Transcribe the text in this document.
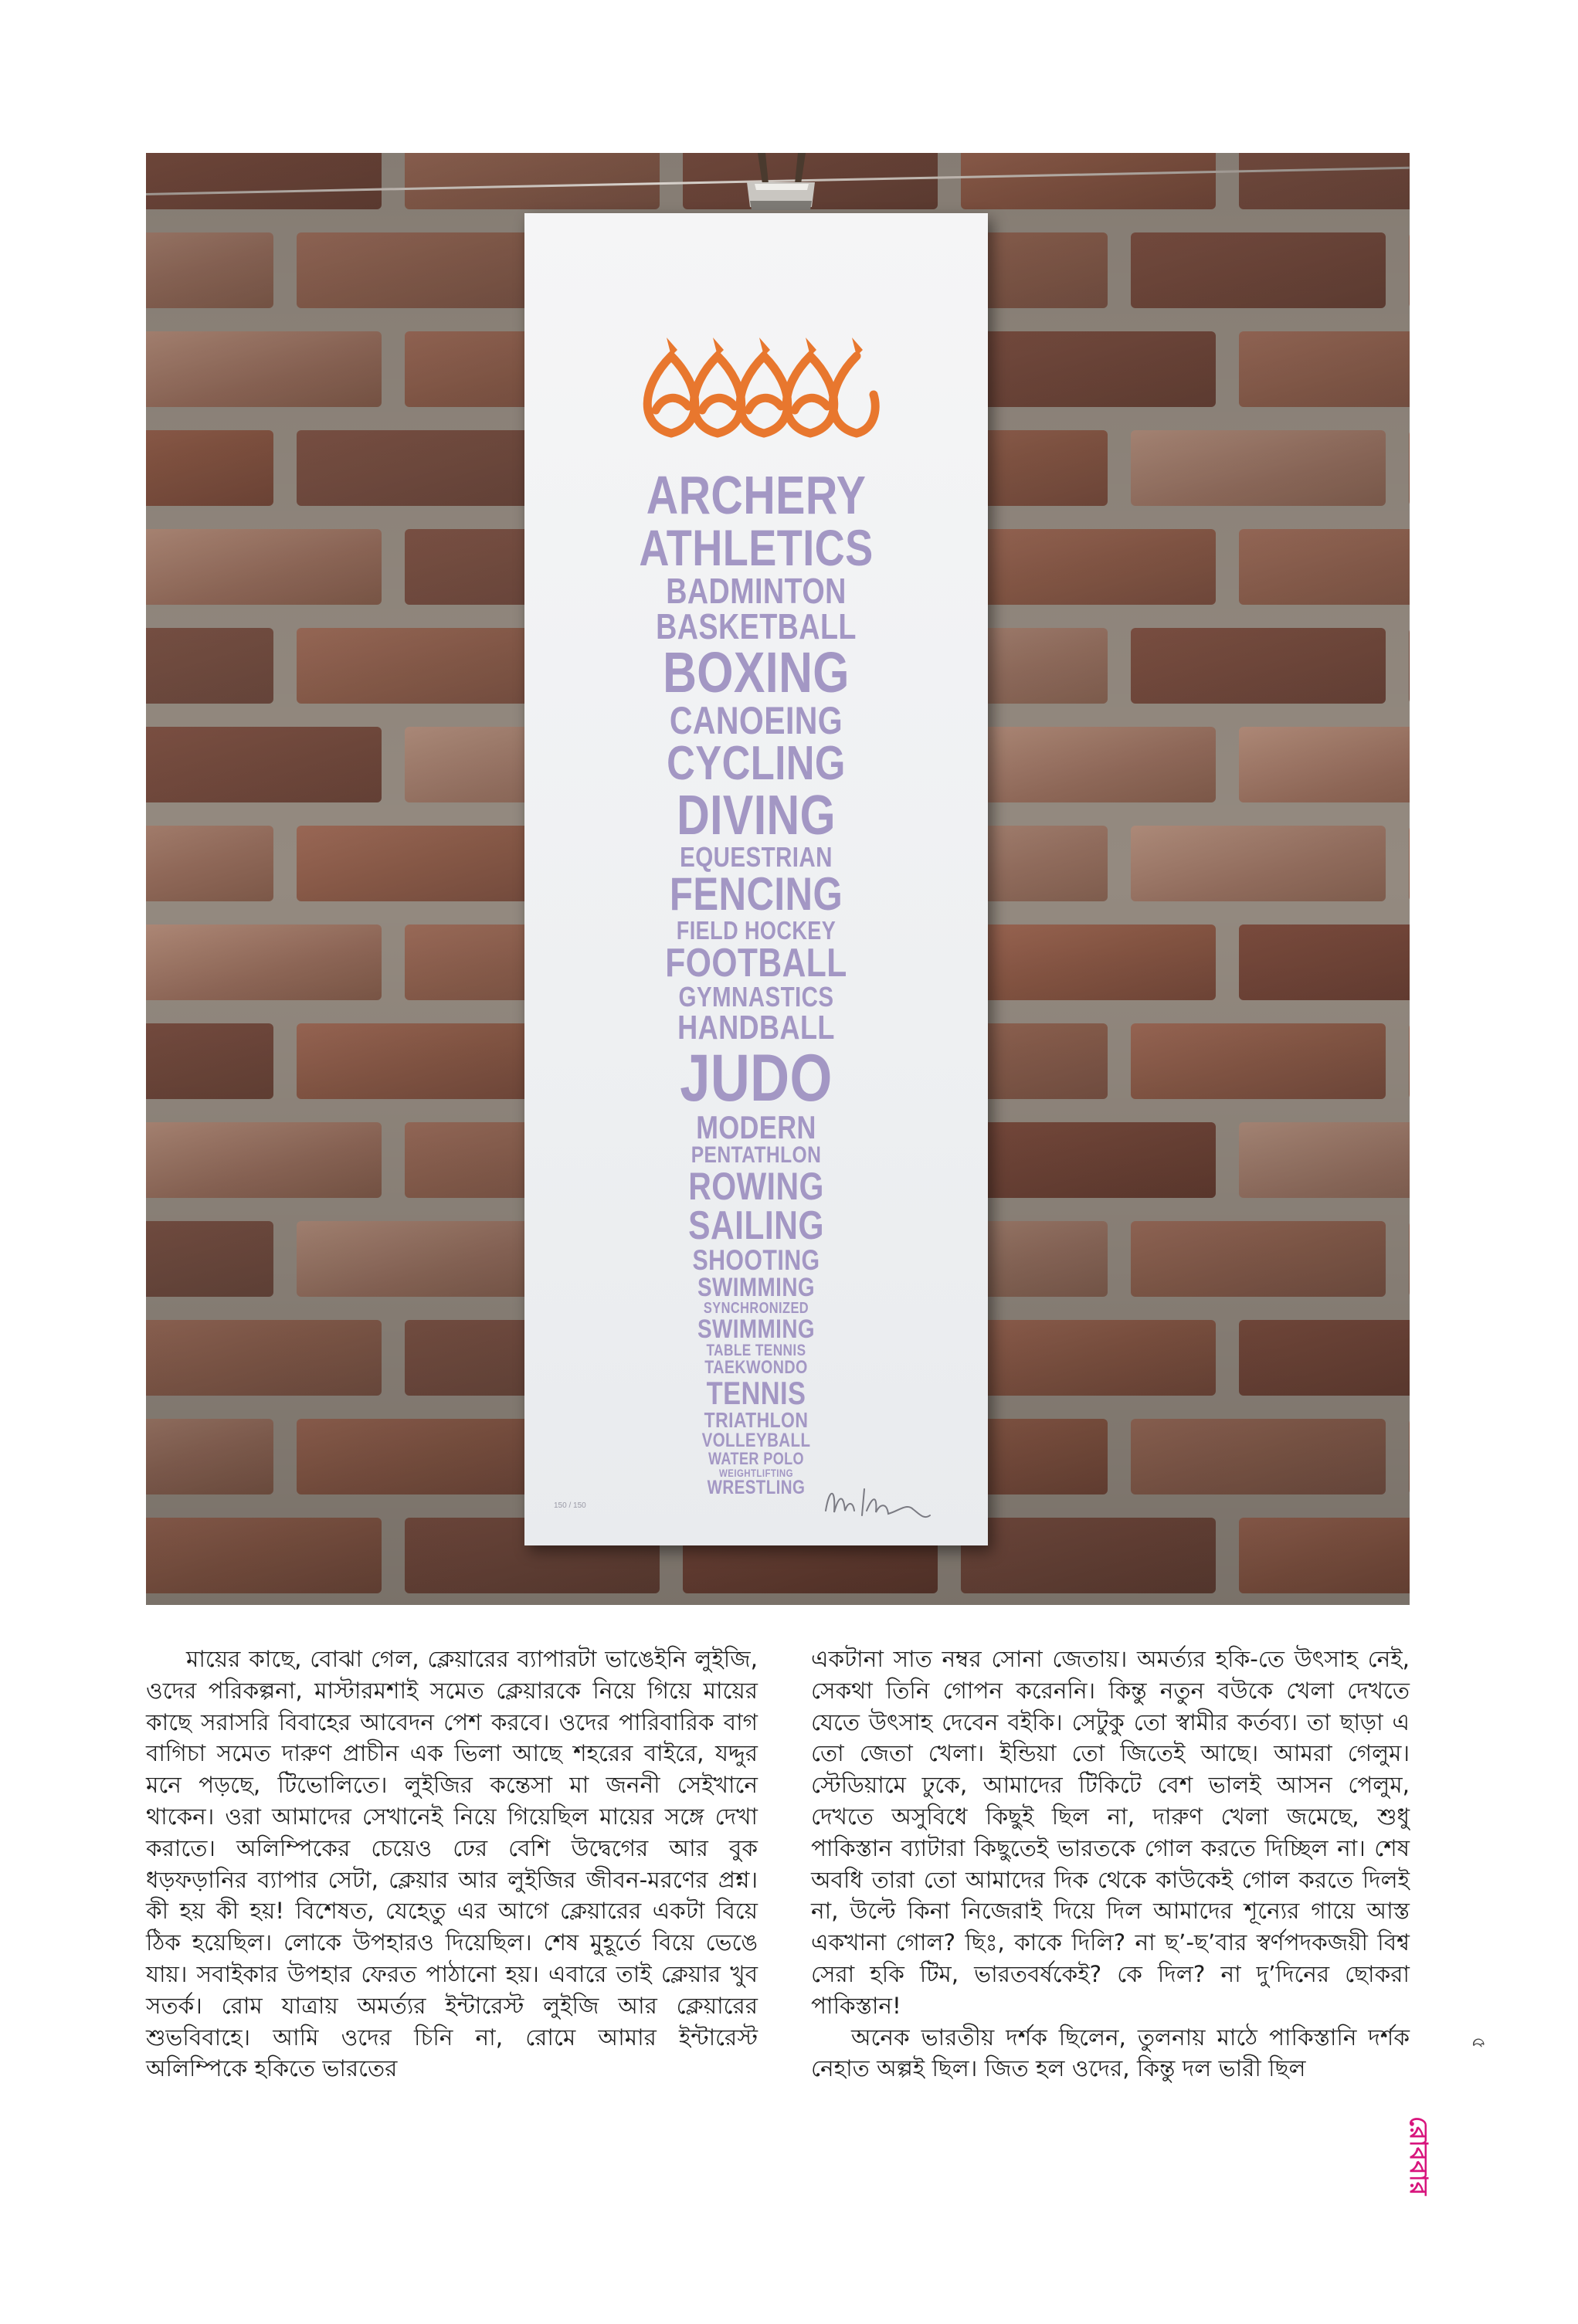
ARCHERY
ATHLETICS
BADMINTON
BASKETBALL
BOXING
CANOEING
CYCLING
DIVING
EQUESTRIAN
FENCING
FIELD HOCKEY
FOOTBALL
GYMNASTICS
HANDBALL
JUDO
MODERN
PENTATHLON
ROWING
SAILING
SHOOTING
SWIMMING
SYNCHRONIZED
SWIMMING
TABLE TENNIS
TAEKWONDO
TENNIS
TRIATHLON
VOLLEYBALL
WATER POLO
WEIGHTLIFTING
WRESTLING
150 / 150

মায়ের কাছে, বোঝা গেল, ক্লেয়ারের ব্যাপারটা ভাঙেইনি লুইজি, ওদের পরিকল্পনা, মাস্টারমশাই সমেত ক্লেয়ারকে নিয়ে গিয়ে মায়ের কাছে সরাসরি বিবাহের আবেদন পেশ করবে। ওদের পারিবারিক বাগ বাগিচা সমেত দারুণ প্রাচীন এক ভিলা আছে শহরের বাইরে, যদ্দুর মনে পড়ছে, টিভোলিতে। লুইজির কন্তেসা মা জননী সেইখানে থাকেন। ওরা আমাদের সেখানেই নিয়ে গিয়েছিল মায়ের সঙ্গে দেখা করাতে। অলিম্পিকের চেয়েও ঢের বেশি উদ্বেগের আর বুক ধড়ফড়ানির ব্যাপার সেটা, ক্লেয়ার আর লুইজির জীবন-মরণের প্রশ্ন। কী হয় কী হয়! বিশেষত, যেহেতু এর আগে ক্লেয়ারের একটা বিয়ে ঠিক হয়েছিল। লোকে উপহারও দিয়েছিল। শেষ মুহূর্তে বিয়ে ভেঙে যায়। সবাইকার উপহার ফেরত পাঠানো হয়। এবারে তাই ক্লেয়ার খুব সতর্ক। রোম যাত্রায় অমর্ত্যর ইন্টারেস্ট লুইজি আর ক্লেয়ারের শুভবিবাহে। আমি ওদের চিনি না, রোমে আমার ইন্টারেস্ট অলিম্পিকে হকিতে ভারতের

একটানা সাত নম্বর সোনা জেতায়। অমর্ত্যর হকি-তে উৎসাহ নেই, সেকথা তিনি গোপন করেননি। কিন্তু নতুন বউকে খেলা দেখতে যেতে উৎসাহ দেবেন বইকি। সেটুকু তো স্বামীর কর্তব্য। তা ছাড়া এ তো জেতা খেলা। ইন্ডিয়া তো জিতেই আছে। আমরা গেলুম। স্টেডিয়ামে ঢুকে, আমাদের টিকিটে বেশ ভালই আসন পেলুম, দেখতে অসুবিধে কিছুই ছিল না, দারুণ খেলা জমেছে, শুধু পাকিস্তান ব্যাটারা কিছুতেই ভারতকে গোল করতে দিচ্ছিল না। শেষ অবধি তারা তো আমাদের দিক থেকে কাউকেই গোল করতে দিলই না, উল্টে কিনা নিজেরাই দিয়ে দিল আমাদের শূন্যের গায়ে আস্ত একখানা গোল? ছিঃ, কাকে দিলি? না ছ’-ছ’বার স্বর্ণপদকজয়ী বিশ্ব সেরা হকি টিম, ভারতবর্ষকেই? কে দিল? না দু’দিনের ছোকরা পাকিস্তান!

অনেক ভারতীয় দর্শক ছিলেন, তুলনায় মাঠে পাকিস্তানি দর্শক নেহাত অল্পই ছিল। জিত হল ওদের, কিন্তু দল ভারী ছিল

৫
রোববার
